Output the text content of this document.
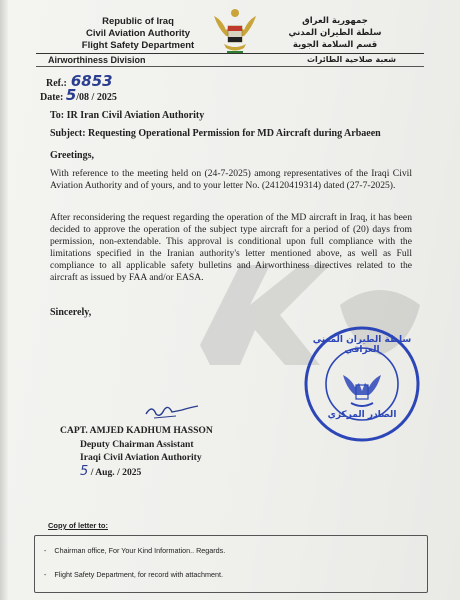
Republic of Iraq
Civil Aviation Authority
Flight Safety Department
جمهورية العراق
سلطة الطيران المدني
قسم السلامة الجوية
Airworthiness Division	شعبة صلاحية الطائرات
Ref.: 6853
Date: 5/08 / 2025
To: IR Iran Civil Aviation Authority
Subject: Requesting Operational Permission for MD Aircraft during Arbaeen
Greetings,
With reference to the meeting held on (24-7-2025) among representatives of the Iraqi Civil Aviation Authority and of yours, and to your letter No. (24120419314) dated (27-7-2025).
After reconsidering the request regarding the operation of the MD aircraft in Iraq, it has been decided to approve the operation of the subject type aircraft for a period of (20) days from permission, non-extendable. This approval is conditional upon full compliance with the limitations specified in the Iranian authority's letter mentioned above, as well as Full compliance to all applicable safety bulletins and Airworthiness directives related to the aircraft as issued by FAA and/or EASA.
Sincerely,
سلطة الطيران المدني العراقي
الصادر المركزي
CAPT. AMJED KADHUM HASSON
Deputy Chairman Assistant
Iraqi Civil Aviation Authority
5 / Aug. / 2025
Copy of letter to:
-    Chairman office, For Your Kind Information.. Regards.
-    Flight Safety Department, for record with attachment.
